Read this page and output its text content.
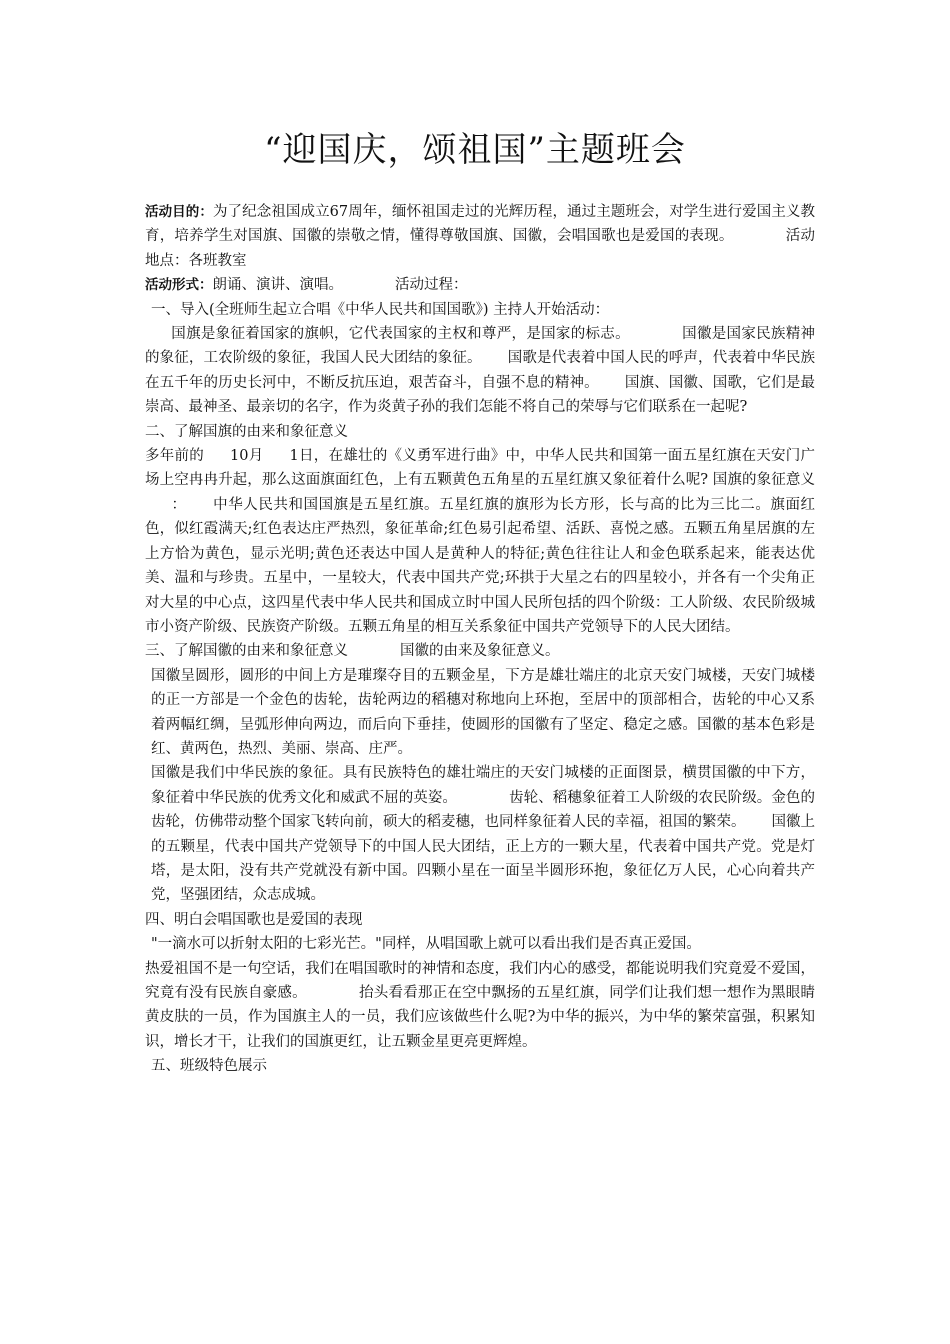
“迎国庆，颂祖国”主题班会

活动目的：为了纪念祖国成立67周年，缅怀祖国走过的光辉历程，通过主题班会，对学生进行爱国主义教育，培养学生对国旗、国徽的崇敬之情，懂得尊敬国旗、国徽，会唱国歌也是爱国的表现。	活动地点：各班教室

活动形式：朗诵、演讲、演唱。	活动过程：

一、导入(全班师生起立合唱《中华人民共和国国歌》) 主持人开始活动：

国旗是象征着国家的旗帜，它代表国家的主权和尊严，是国家的标志。	国徽是国家民族精神的象征，工农阶级的象征，我国人民大团结的象征。 国歌是代表着中国人民的呼声，代表着中华民族在五千年的历史长河中，不断反抗压迫，艰苦奋斗，自强不息的精神。 国旗、国徽、国歌，它们是最崇高、最神圣、最亲切的名字，作为炎黄子孙的我们怎能不将自己的荣辱与它们联系在一起呢?

二、了解国旗的由来和象征意义

多年前的 10月 1日，在雄壮的《义勇军进行曲》中，中华人民共和国第一面五星红旗在天安门广场上空冉冉升起，那么这面旗面红色，上有五颗黄色五角星的五星红旗又象征着什么呢? 国旗的象征意义： 中华人民共和国国旗是五星红旗。五星红旗的旗形为长方形，长与高的比为三比二。旗面红色，似红霞满天;红色表达庄严热烈，象征革命;红色易引起希望、活跃、喜悦之感。五颗五角星居旗的左上方恰为黄色，显示光明;黄色还表达中国人是黄种人的特征;黄色往往让人和金色联系起来，能表达优美、温和与珍贵。五星中，一星较大，代表中国共产党;环拱于大星之右的四星较小，并各有一个尖角正对大星的中心点，这四星代表中华人民共和国成立时中国人民所包括的四个阶级：工人阶级、农民阶级城市小资产阶级、民族资产阶级。五颗五角星的相互关系象征中国共产党领导下的人民大团结。

三、了解国徽的由来和象征意义	国徽的由来及象征意义。

国徽呈圆形，圆形的中间上方是璀璨夺目的五颗金星，下方是雄壮端庄的北京天安门城楼，天安门城楼的正一方部是一个金色的齿轮，齿轮两边的稻穗对称地向上环抱，至居中的顶部相合，齿轮的中心又系着两幅红绸，呈弧形伸向两边，而后向下垂挂，使圆形的国徽有了坚定、稳定之感。国徽的基本色彩是红、黄两色，热烈、美丽、崇高、庄严。

国徽是我们中华民族的象征。具有民族特色的雄壮端庄的天安门城楼的正面图景，横贯国徽的中下方，象征着中华民族的优秀文化和威武不屈的英姿。	齿轮、稻穗象征着工人阶级的农民阶级。金色的齿轮，仿佛带动整个国家飞转向前，硕大的稻麦穗，也同样象征着人民的幸福，祖国的繁荣。 国徽上的五颗星，代表中国共产党领导下的中国人民大团结，正上方的一颗大星，代表着中国共产党。党是灯塔，是太阳，没有共产党就没有新中国。四颗小星在一面呈半圆形环抱，象征亿万人民，心心向着共产党，坚强团结，众志成城。

四、明白会唱国歌也是爱国的表现

"一滴水可以折射太阳的七彩光芒。"同样，从唱国歌上就可以看出我们是否真正爱国。

热爱祖国不是一句空话，我们在唱国歌时的神情和态度，我们内心的感受，都能说明我们究竟爱不爱国，究竟有没有民族自豪感。	抬头看看那正在空中飘扬的五星红旗，同学们让我们想一想作为黑眼睛黄皮肤的一员，作为国旗主人的一员，我们应该做些什么呢?为中华的振兴，为中华的繁荣富强，积累知识，增长才干，让我们的国旗更红，让五颗金星更亮更辉煌。

五、班级特色展示
